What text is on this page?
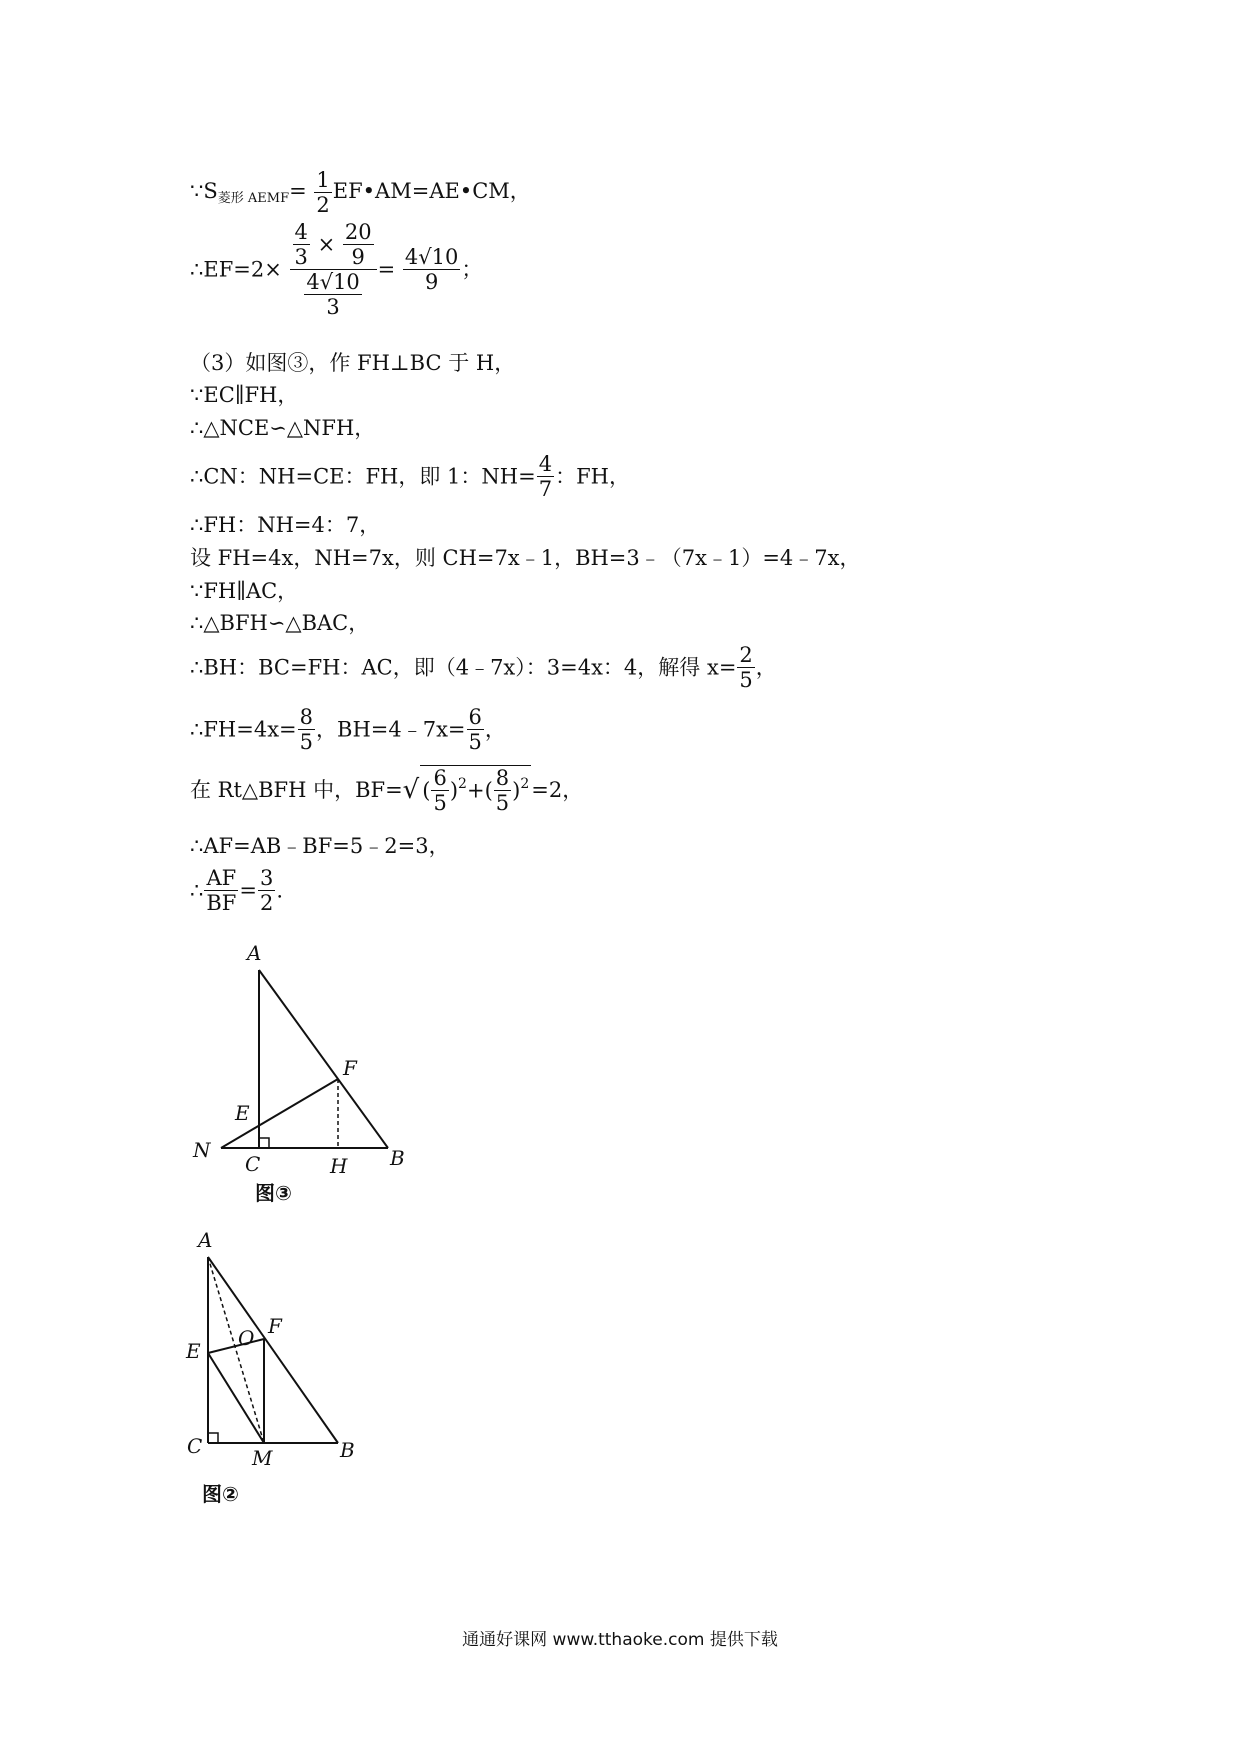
$\because S_{菱形 AEMF}= \frac{1}{2}$ EF•AM=AE•CM，
∴EF=2× $\frac{\frac{4}{3} \times \frac{20}{9}}{\frac{4√10}{3}} = \frac{4√10}{9}$ ；
（3）如图③，作 FH⊥BC 于 H，
∵EC∥FH，
∴△NCE∽△NFH，
∴CN：NH=CE：FH，即 1：$NH= \frac{4}{7}$ ：FH，
∴FH：NH=4：7，
设 FH=4x，NH=7x，则 CH=7x﹣1，BH=3﹣（7x﹣1）=4﹣7x，
∵FH∥AC，
∴△BFH∽△BAC，
∴BH：BC=FH：AC，即（4﹣7x）：3=4x：4，解得 $x= \frac{2}{5}$ ，
∴FH=4x= $\frac{8}{5}$ ，BH=4﹣7x= $\frac{6}{5}$ ，
在 Rt△BFH 中，BF=√ ( $\frac{6}{5} )^2+( \frac{8}{5} )^2=2$，
∴AF=AB﹣BF=5﹣2=3，
∴ $\frac{AF}{BF} = \frac{3}{2}$ .
A
F
E
N
C	H B
图③
A
F
O
E
C M	B
图②
通通好课网 www.tthaoke.com 提供下载
